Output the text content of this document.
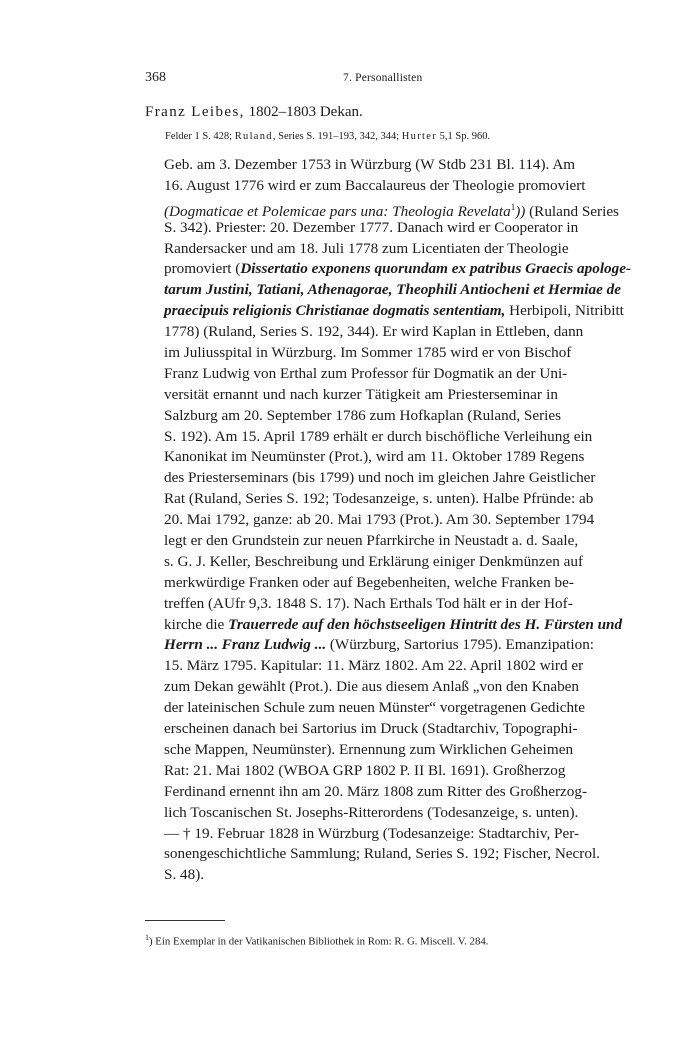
368	7. Personallisten
Franz Leibes, 1802–1803 Dekan.
Felder 1 S. 428; Ruland, Series S. 191–193, 342, 344; Hurter 5,1 Sp. 960.
Geb. am 3. Dezember 1753 in Würzburg (W Stdb 231 Bl. 114). Am
16. August 1776 wird er zum Baccalaureus der Theologie promoviert
(Dogmaticae et Polemicae pars una: Theologia Revelata$^1$)) (Ruland Series
S. 342). Priester: 20. Dezember 1777. Danach wird er Cooperator in
Randersacker und am 18. Juli 1778 zum Licentiaten der Theologie
promoviert (Dissertatio exponens quorundam ex patribus Graecis apologe-
tarum Justini, Tatiani, Athenagorae, Theophili Antiocheni et Hermiae de
praecipuis religionis Christianae dogmatis sententiam, Herbipoli, Nitribitt
1778) (Ruland, Series S. 192, 344). Er wird Kaplan in Ettleben, dann
im Juliusspital in Würzburg. Im Sommer 1785 wird er von Bischof
Franz Ludwig von Erthal zum Professor für Dogmatik an der Uni-
versität ernannt und nach kurzer Tätigkeit am Priesterseminar in
Salzburg am 20. September 1786 zum Hofkaplan (Ruland, Series
S. 192). Am 15. April 1789 erhält er durch bischöfliche Verleihung ein
Kanonikat im Neumünster (Prot.), wird am 11. Oktober 1789 Regens
des Priesterseminars (bis 1799) und noch im gleichen Jahre Geistlicher
Rat (Ruland, Series S. 192; Todesanzeige, s. unten). Halbe Pfründe: ab
20. Mai 1792, ganze: ab 20. Mai 1793 (Prot.). Am 30. September 1794
legt er den Grundstein zur neuen Pfarrkirche in Neustadt a. d. Saale,
s. G. J. Keller, Beschreibung und Erklärung einiger Denkmünzen auf
merkwürdige Franken oder auf Begebenheiten, welche Franken be-
treffen (AUfr 9,3. 1848 S. 17). Nach Erthals Tod hält er in der Hof-
kirche die Trauerrede auf den höchstseeligen Hintritt des H. Fürsten und
Herrn ... Franz Ludwig ... (Würzburg, Sartorius 1795). Emanzipation:
15. März 1795. Kapitular: 11. März 1802. Am 22. April 1802 wird er
zum Dekan gewählt (Prot.). Die aus diesem Anlaß „von den Knaben
der lateinischen Schule zum neuen Münster“ vorgetragenen Gedichte
erscheinen danach bei Sartorius im Druck (Stadtarchiv, Topographi-
sche Mappen, Neumünster). Ernennung zum Wirklichen Geheimen
Rat: 21. Mai 1802 (WBOA GRP 1802 P. II Bl. 1691). Großherzog
Ferdinand ernennt ihn am 20. März 1808 zum Ritter des Großherzog-
lich Toscanischen St. Josephs-Ritterordens (Todesanzeige, s. unten).
— † 19. Februar 1828 in Würzburg (Todesanzeige: Stadtarchiv, Per-
sonengeschichtliche Sammlung; Ruland, Series S. 192; Fischer, Necrol.
S. 48).
$^1$) Ein Exemplar in der Vatikanischen Bibliothek in Rom: R. G. Miscell. V. 284.
